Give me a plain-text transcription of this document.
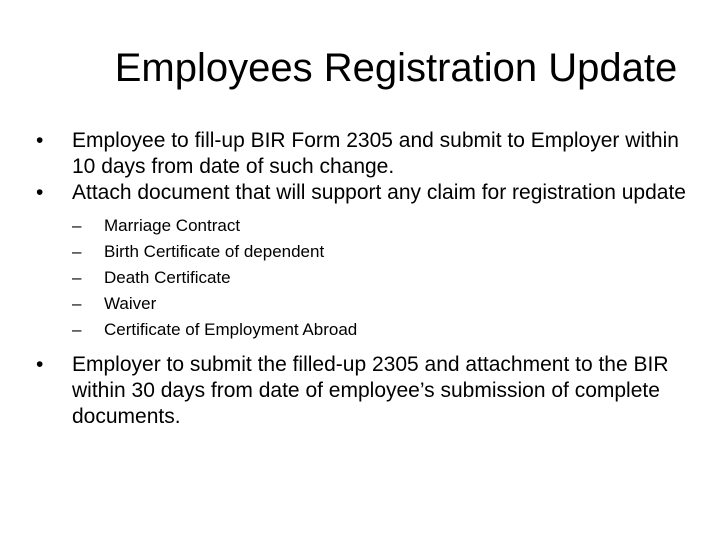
Employees Registration Update

•	Employee to fill-up BIR Form 2305 and submit to Employer within 10 days from date of such change.

•	Attach document that will support any claim for registration update

–	Marriage Contract

–	Birth Certificate of dependent

–	Death Certificate

–	Waiver

–	Certificate of Employment Abroad

•	Employer to submit the filled-up 2305 and attachment to the BIR within 30 days from date of employee’s submission of complete documents.
